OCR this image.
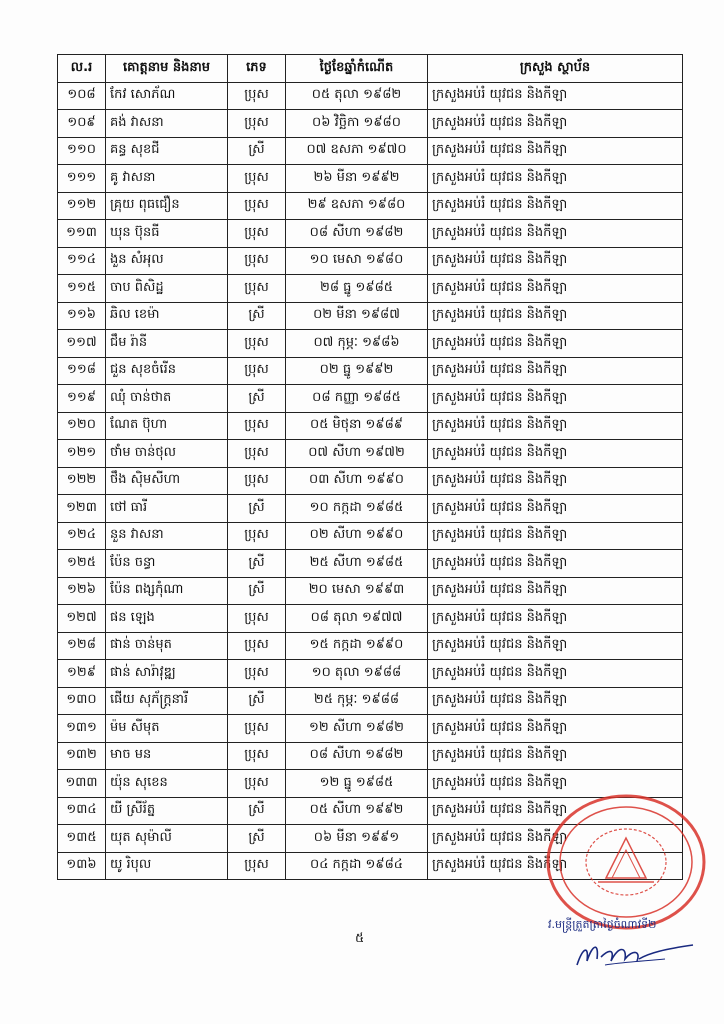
ល.រ	គោត្តនាម និងនាម	ភេទ	ថ្ងៃខែឆ្នាំកំណើត	ក្រសួង ស្ថាប័ន
១០៨	កែវ សោភ័ណ	ប្រុស	០៥ តុលា ១៩៨២	ក្រសួងអប់រំ យុវជន និងកីឡា
១០៩	គង់ វាសនា	ប្រុស	០៦ វិច្ឆិកា ១៩៨០	ក្រសួងអប់រំ យុវជន និងកីឡា
១១០	គន្ធ សុខជី	ស្រី	០៧ ឧសភា ១៩៧០	ក្រសួងអប់រំ យុវជន និងកីឡា
១១១	គូ វាសនា	ប្រុស	២៦ មីនា ១៩៩២	ក្រសួងអប់រំ យុវជន និងកីឡា
១១២	គ្រុយ ពុធជឿន	ប្រុស	២៩ ឧសភា ១៩៨០	ក្រសួងអប់រំ យុវជន និងកីឡា
១១៣	ឃុន ប៊ុនធី	ប្រុស	០៨ សីហា ១៩៨២	ក្រសួងអប់រំ យុវជន និងកីឡា
១១៤	ងួន សំអុល	ប្រុស	១០ មេសា ១៩៨០	ក្រសួងអប់រំ យុវជន និងកីឡា
១១៥	ចាប ពិសិដ្ឋ	ប្រុស	២៨ ធ្នូ ១៩៨៥	ក្រសួងអប់រំ យុវជន និងកីឡា
១១៦	ឆិល ខេម៉ា	ស្រី	០២ មីនា ១៩៨៧	ក្រសួងអប់រំ យុវជន និងកីឡា
១១៧	ជឹម រ៉ានី	ប្រុស	០៧ កុម្ភៈ ១៩៨៦	ក្រសួងអប់រំ យុវជន និងកីឡា
១១៨	ជួន សុខចំរើន	ប្រុស	០២ ធ្នូ ១៩៩២	ក្រសួងអប់រំ យុវជន និងកីឡា
១១៩	ឈុំ ចាន់ថាត	ស្រី	០៨ កញ្ញា ១៩៨៥	ក្រសួងអប់រំ យុវជន និងកីឡា
១២០	ណែត ប៊ុហា	ប្រុស	០៥ មិថុនា ១៩៨៩	ក្រសួងអប់រំ យុវជន និងកីឡា
១២១	ថាំម ចាន់ថុល	ប្រុស	០៧ សីហា ១៩៧២	ក្រសួងអប់រំ យុវជន និងកីឡា
១២២	ថឹង ស៊ិមសីហា	ប្រុស	០៣ សីហា ១៩៩០	ក្រសួងអប់រំ យុវជន និងកីឡា
១២៣	ថៅ ធារី	ស្រី	១០ កក្កដា ១៩៨៥	ក្រសួងអប់រំ យុវជន និងកីឡា
១២៤	នួន វាសនា	ប្រុស	០២ សីហា ១៩៩០	ក្រសួងអប់រំ យុវជន និងកីឡា
១២៥	ប៉ែន ចន្ធា	ស្រី	២៥ សីហា ១៩៨៥	ក្រសួងអប់រំ យុវជន និងកីឡា
១២៦	ប៉ែន ពង្សកុំណា	ស្រី	២០ មេសា ១៩៩៣	ក្រសួងអប់រំ យុវជន និងកីឡា
១២៧	ផន ឡេង	ប្រុស	០៨ តុលា ១៩៧៧	ក្រសួងអប់រំ យុវជន និងកីឡា
១២៨	ផាន់ ចាន់មុត	ប្រុស	១៥ កក្កដា ១៩៩០	ក្រសួងអប់រំ យុវជន និងកីឡា
១២៩	ផាន់ សារ៉ាវុឌ្ឍ	ប្រុស	១០ តុលា ១៩៨៨	ក្រសួងអប់រំ យុវជន និងកីឡា
១៣០	ផើយ សុភ័ក្ត្រនារី	ស្រី	២៥ កុម្ភៈ ១៩៨៨	ក្រសួងអប់រំ យុវជន និងកីឡា
១៣១	ម៉ម សីមុត	ប្រុស	១២ សីហា ១៩៨២	ក្រសួងអប់រំ យុវជន និងកីឡា
១៣២	មាច មន	ប្រុស	០៨ សីហា ១៩៨២	ក្រសួងអប់រំ យុវជន និងកីឡា
១៣៣	យ៉ុន សុខេន	ប្រុស	១២ ធ្នូ ១៩៨៥	ក្រសួងអប់រំ យុវជន និងកីឡា
១៣៤	យី ស្រីរ័ត្ន	ស្រី	០៥ សីហា ១៩៩២	ក្រសួងអប់រំ យុវជន និងកីឡា
១៣៥	យុត សុម៉ាលី	ស្រី	០៦ មីនា ១៩៩១	ក្រសួងអប់រំ យុវជន និងកីឡា
១៣៦	យូ រិបុល	ប្រុស	០៤ កក្កដា ១៩៨៤	ក្រសួងអប់រំ យុវជន និងកីឡា
វ.មន្ត្រីត្រួតត្រាថ្ងៃចំណាវទី២
៥
